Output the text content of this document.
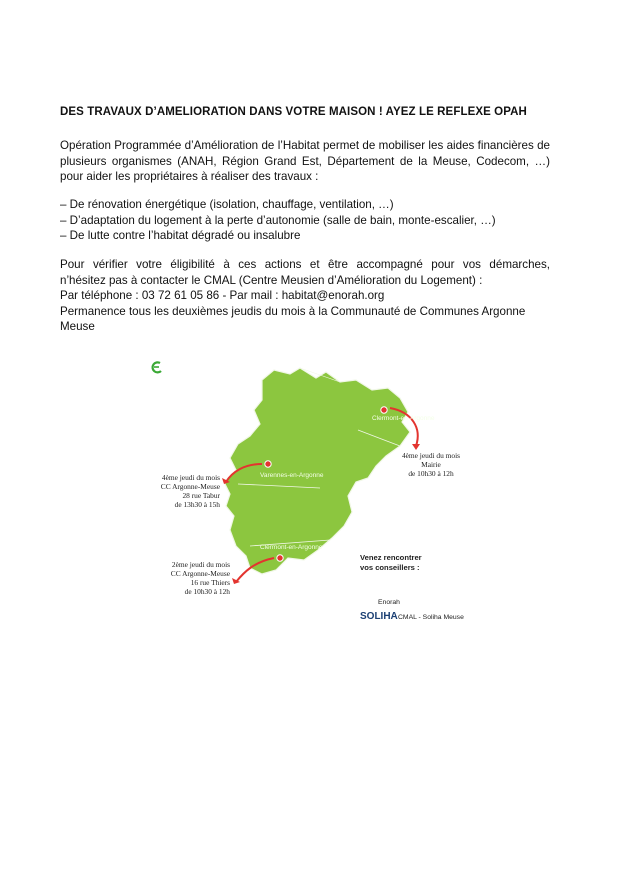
DES TRAVAUX D’AMELIORATION DANS VOTRE MAISON ! AYEZ LE REFLEXE OPAH
Opération Programmée d’Amélioration de l’Habitat permet de mobiliser les aides financières de plusieurs organismes (ANAH, Région Grand Est, Département de la Meuse, Codecom, …) pour aider les propriétaires à réaliser des travaux :
– De rénovation énergétique (isolation, chauffage, ventilation, …)
– D’adaptation du logement à la perte d’autonomie (salle de bain, monte-escalier, …)
– De lutte contre l’habitat dégradé ou insalubre
Pour vérifier votre éligibilité à ces actions et être accompagné pour vos démarches,
n’hésitez pas à contacter le CMAL (Centre Meusien d’Amélioration du Logement) :
Par téléphone : 03 72 61 05 86 - Par mail : habitat@enorah.org
Permanence tous les deuxièmes jeudis du mois à la Communauté de Communes Argonne
Meuse
Clermont-en-Argonne
Varennes-en-Argonne
Clermont-en-Argonne
4ème jeudi du mois
CC Argonne-Meuse
28 rue Tabur
de 13h30 à 15h
2ème jeudi du mois
CC Argonne-Meuse
16 rue Thiers
de 10h30 à 12h
4ème jeudi du mois
Mairie
de 10h30 à 12h
Venez rencontrer
vos conseillers :
Enorah
SOLIHA CMAL - Soliha Meuse
